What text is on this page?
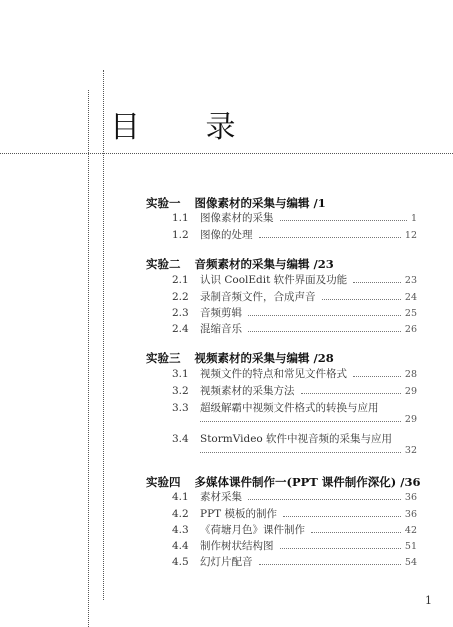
目 录
实验一 图像素材的采集与编辑 /1
1.1	图像素材的采集	1
1.2	图像的处理	12
实验二 音频素材的采集与编辑 /23
2.1	认识 CoolEdit 软件界面及功能	23
2.2	录制音频文件，合成声音	24
2.3	音频剪辑	25
2.4	混缩音乐	26
实验三 视频素材的采集与编辑 /28
3.1	视频文件的特点和常见文件格式	28
3.2	视频素材的采集方法	29
3.3 超级解霸中视频文件格式的转换与应用
29
3.4 StormVideo 软件中视音频的采集与应用
32
实验四 多媒体课件制作一(PPT 课件制作深化) /36
4.1	素材采集	36
4.2	PPT 模板的制作	36
4.3	《荷塘月色》课件制作	42
4.4	制作树状结构图	51
4.5	幻灯片配音	54
1
